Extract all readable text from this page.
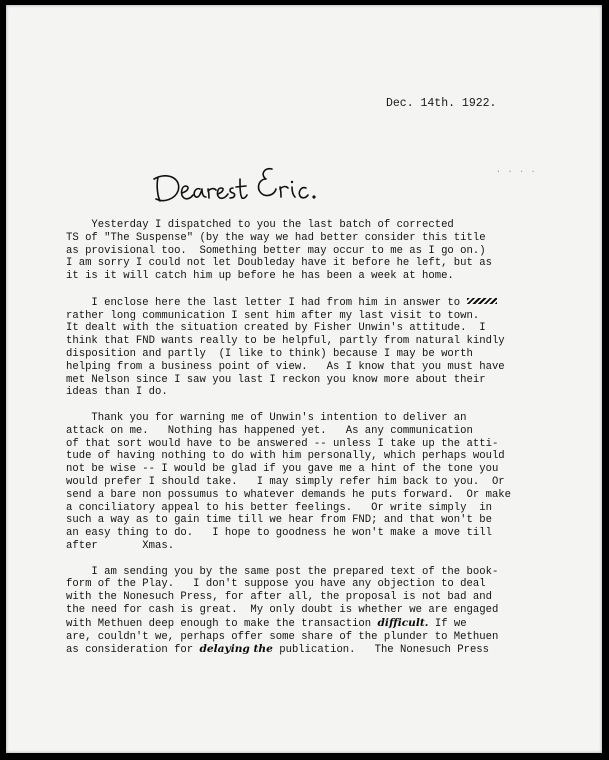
Dec. 14th. 1922.
. . . .
Yesterday I dispatched to you the last batch of corrected
TS of "The Suspense" (by the way we had better consider this title
as provisional too.  Something better may occur to me as I go on.)
I am sorry I could not let Doubleday have it before he left, but as
it is it will catch him up before he has been a week at home.
I enclose here the last letter I had from him in answer to
rather long communication I sent him after my last visit to town.
It dealt with the situation created by Fisher Unwin's attitude.  I
think that FND wants really to be helpful, partly from natural kindly
disposition and partly  (I like to think) because I may be worth
helping from a business point of view.   As I know that you must have
met Nelson since I saw you last I reckon you know more about their
ideas than I do.
Thank you for warning me of Unwin's intention to deliver an
attack on me.   Nothing has happened yet.   As any communication
of that sort would have to be answered -- unless I take up the atti-
tude of having nothing to do with him personally, which perhaps would
not be wise -- I would be glad if you gave me a hint of the tone you
would prefer I should take.   I may simply refer him back to you.  Or
send a bare non possumus to whatever demands he puts forward.  Or make
a conciliatory appeal to his better feelings.   Or write simply  in
such a way as to gain time till we hear from FND; and that won't be
an easy thing to do.   I hope to goodness he won't make a move till
after       Xmas.
I am sending you by the same post the prepared text of the book-
form of the Play.   I don't suppose you have any objection to deal
with the Nonesuch Press, for after all, the proposal is not bad and
the need for cash is great.  My only doubt is whether we are engaged
with Methuen deep enough to make the transaction difficult. If we
are, couldn't we, perhaps offer some share of the plunder to Methuen
as consideration for delaying the publication.   The Nonesuch Press
